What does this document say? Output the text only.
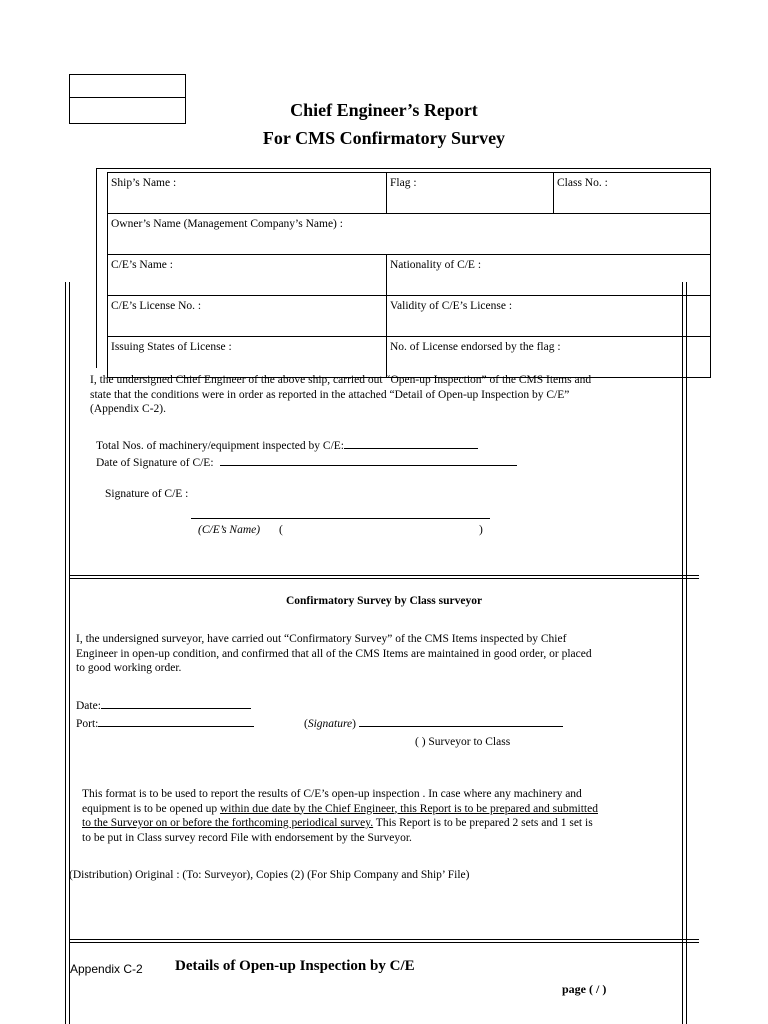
Chief Engineer’s Report
For CMS Confirmatory Survey
Ship’s Name :	Flag :	Class No. :
Owner’s Name (Management Company’s Name) :		
C/E’s Name :	Nationality of C/E :	
C/E’s License No. :	Validity of C/E’s License :	
Issuing States of License :	No. of License endorsed by the flag :	
I, the undersigned Chief Engineer of the above ship, carried out “Open-up Inspection” of the CMS Items and
state that the conditions were in order as reported in the attached “Detail of Open-up Inspection by C/E”
(Appendix C-2).
Total Nos. of machinery/equipment inspected by C/E:
Date of Signature of C/E:
Signature of C/E :
(C/E’s Name) (	)
Confirmatory Survey by Class surveyor
I, the undersigned surveyor, have carried out “Confirmatory Survey” of the CMS Items inspected by Chief
Engineer in open-up condition, and confirmed that all of the CMS Items are maintained in good order, or placed
to good working order.
Date:
Port:	(Signature)
( ) Surveyor to Class
This format is to be used to report the results of C/E’s open-up inspection . In case where any machinery and
equipment is to be opened up within due date by the Chief Engineer, this Report is to be prepared and submitted
to the Surveyor on or before the forthcoming periodical survey. This Report is to be prepared 2 sets and 1 set is
to be put in Class survey record File with endorsement by the Surveyor.
(Distribution) Original : (To: Surveyor), Copies (2) (For Ship Company and Ship’ File)
Appendix C-2 Details of Open-up Inspection by C/E
page ( / )
